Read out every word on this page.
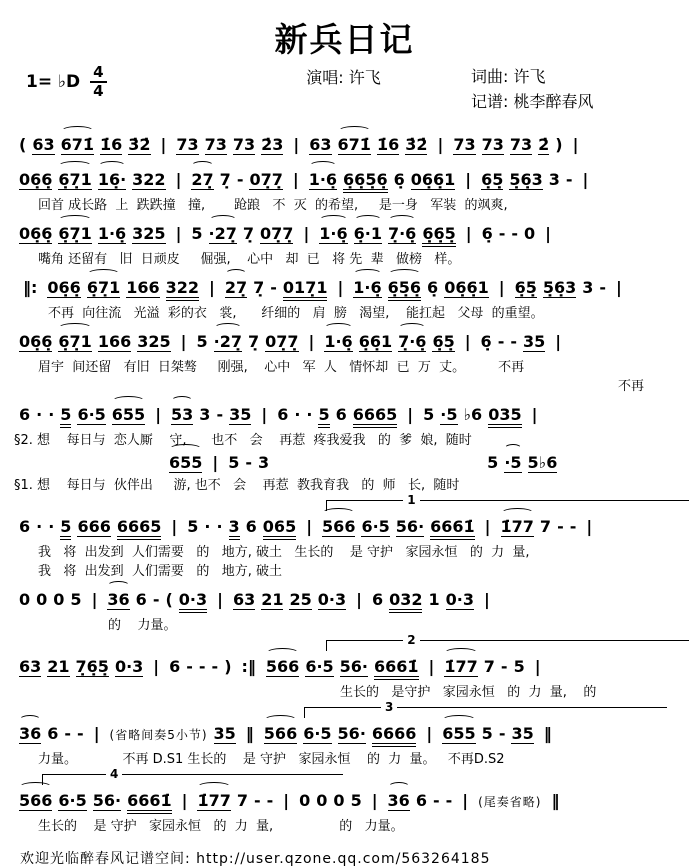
新兵日记
1= ♭D 4
4
演唱: 许飞	词曲: 许飞
记谱: 桃李醉春风
( 63 671̇ 1̇6 3̇2̇ | 73 73 73 2̇3 | 63 671̇ 1̇6 3̇2̇ | 73 73 73 2̇ ) |
06̣6̣ 6̣7̣1 16̣· 322 | 27̣ 7̣ - 07̣7̣ | 1·6̣ 6̣6̣5̣6̣ 6̣ 06̣6̣1 | 6̣5̣ 5̣6̣3 3 - |
回首 成长路  上  跌跌撞   撞,       跄踉   不  灭  的希望,     是一身   军装  的飒爽,
06̣6̣ 6̣7̣1 1·6̣ 325 | 5 ·27̣ 7̣ 07̣7̣ | 1·6̣ 6̣·1 7̣·6̣ 6̣6̣5̣ | 6̣ - - 0 |
嘴角 还留有   旧  日顽皮     倔强,    心中   却  已   将 先  辈   做榜   样。
‖: 06̣6̣ 6̣7̣1 166 322 | 27̣ 7̣ - 017̣1 | 1·6̣ 6̣5̣6̣ 6̣ 06̣6̣1 | 6̣5̣ 5̣6̣3 3 - |
不再  向往流   光溢  彩的衣   裳,      纤细的   肩  膀   渴望,    能扛起   父母  的重望。
06̣6̣ 6̣7̣1 166 325 | 5 ·27̣ 7̣ 07̣7̣ | 1·6̣ 6̣6̣1 7̣·6̣ 6̣5̣ | 6̣ - - 35 |
眉宇  间还留   有旧  日桀骜     刚强,    心中   军  人   情怀却  已  万  丈。        不再
不再
6 · · 5 6·5 655 | 53 3 - 35 | 6 · · 5 6 6665 | 5 ·5 ♭6 035 |
§2. 想    每日与  恋人厮    守,      也不   会    再惹  疼我爱我   的  爹  娘,  随时
655 | 5 - 3	5 ·5 5♭6
§1. 想    每日与  伙伴出     游, 也不   会    再惹  教我育我   的  师   长,  随时
1
6 · · 5 666 6665 | 5 · · 3 6 065 | 566 6·5 56· 6661̇ | 1̇77 7 - - |
我   将  出发到  人们需要   的   地方, 破土   生长的    是 守护   家园永恒   的  力  量,
我   将  出发到  人们需要   的   地方, 破土
0 0 0 5 | 36 6 - ( 0·3 | 63 21 25 0·3 | 6 032 1 0·3 |
的    力量。
2
63 21 7̣6̣5̣ 0·3 | 6 - - - ) :‖ 566 6·5 56· 6661̇ | 1̇77 7 - 5 |
生长的   是守护   家园永恒   的  力  量,    的
3
36 6 - - | (省略间奏5小节) 35 ‖ 566 6·5 56· 6666 | 655 5 - 35 ‖
力量。           不再 D.S1 生长的    是 守护   家园永恒    的  力  量。   不再D.S2
4
566 6·5 56· 6661̇ | 1̇77 7 - - | 0 0 0 5 | 36 6 - - | (尾奏省略) ‖
生长的    是 守护   家园永恒   的  力  量,                的   力量。
欢迎光临醉春风记谱空间: http://user.qzone.qq.com/563264185
